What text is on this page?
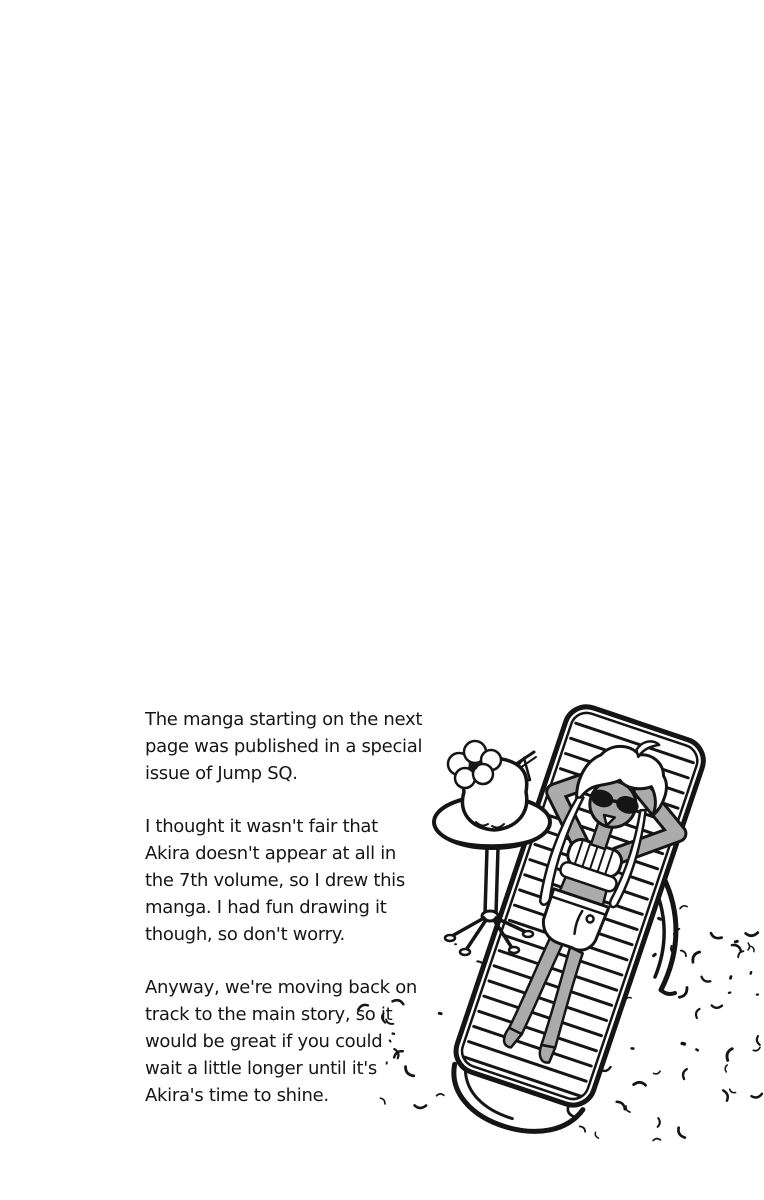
The manga starting on the next
page was published in a special
issue of Jump SQ.
I thought it wasn't fair that
Akira doesn't appear at all in
the 7th volume, so I drew this
manga. I had fun drawing it
though, so don't worry.
Anyway, we're moving back on
track to the main story, so it
would be great if you could
wait a little longer until it's
Akira's time to shine.
